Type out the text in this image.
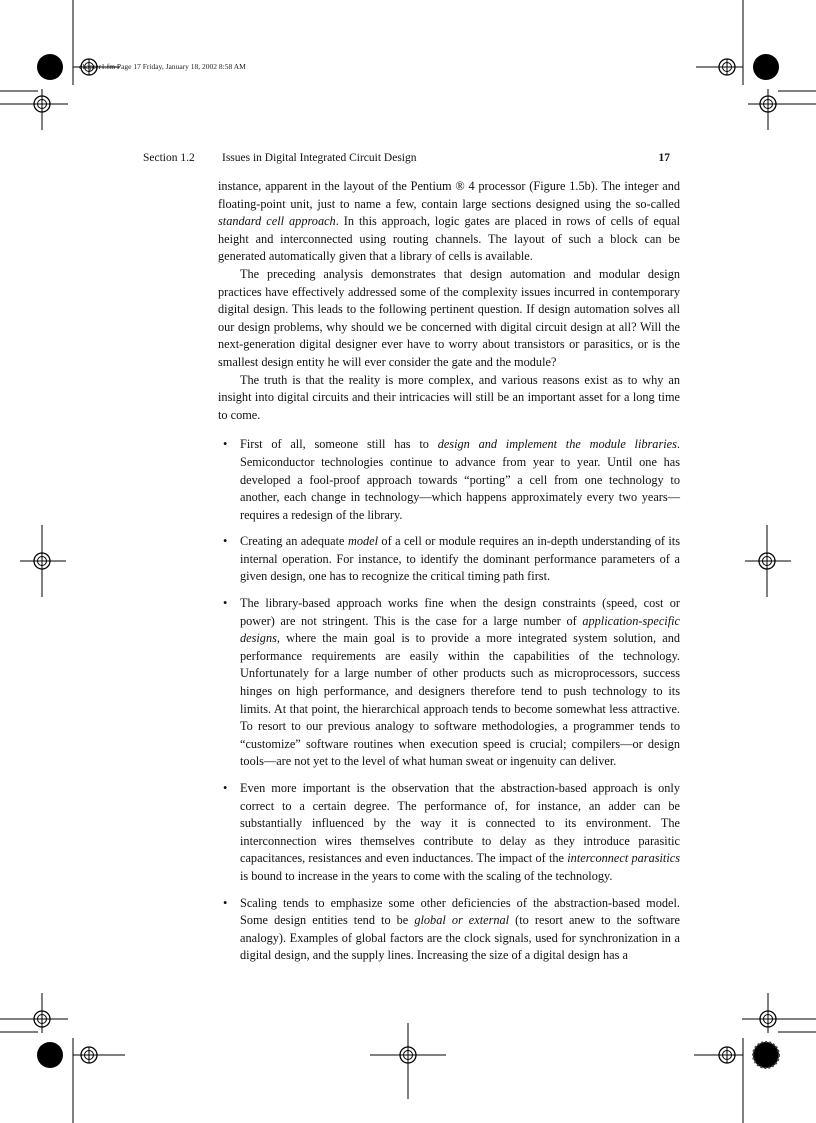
chapter1.fm Page 17 Friday, January 18, 2002 8:58 AM
Section 1.2 Issues in Digital Integrated Circuit Design	17

instance, apparent in the layout of the Pentium ® 4 processor (Figure 1.5b). The integer and floating-point unit, just to name a few, contain large sections designed using the so-called standard cell approach. In this approach, logic gates are placed in rows of cells of equal height and interconnected using routing channels. The layout of such a block can be generated automatically given that a library of cells is available.

The preceding analysis demonstrates that design automation and modular design practices have effectively addressed some of the complexity issues incurred in contemporary digital design. This leads to the following pertinent question. If design automation solves all our design problems, why should we be concerned with digital circuit design at all? Will the next-generation digital designer ever have to worry about transistors or parasitics, or is the smallest design entity he will ever consider the gate and the module?

The truth is that the reality is more complex, and various reasons exist as to why an insight into digital circuits and their intricacies will still be an important asset for a long time to come.

• First of all, someone still has to design and implement the module libraries. Semiconductor technologies continue to advance from year to year. Until one has developed a fool-proof approach towards “porting” a cell from one technology to another, each change in technology—which happens approximately every two years—requires a redesign of the library.
• Creating an adequate model of a cell or module requires an in-depth understanding of its internal operation. For instance, to identify the dominant performance parameters of a given design, one has to recognize the critical timing path first.
• The library-based approach works fine when the design constraints (speed, cost or power) are not stringent. This is the case for a large number of application-specific designs, where the main goal is to provide a more integrated system solution, and performance requirements are easily within the capabilities of the technology. Unfortunately for a large number of other products such as microprocessors, success hinges on high performance, and designers therefore tend to push technology to its limits. At that point, the hierarchical approach tends to become somewhat less attractive. To resort to our previous analogy to software methodologies, a programmer tends to “customize” software routines when execution speed is crucial; compilers—or design tools—are not yet to the level of what human sweat or ingenuity can deliver.
• Even more important is the observation that the abstraction-based approach is only correct to a certain degree. The performance of, for instance, an adder can be substantially influenced by the way it is connected to its environment. The interconnection wires themselves contribute to delay as they introduce parasitic capacitances, resistances and even inductances. The impact of the interconnect parasitics is bound to increase in the years to come with the scaling of the technology.
• Scaling tends to emphasize some other deficiencies of the abstraction-based model. Some design entities tend to be global or external (to resort anew to the software analogy). Examples of global factors are the clock signals, used for synchronization in a digital design, and the supply lines. Increasing the size of a digital design has a
